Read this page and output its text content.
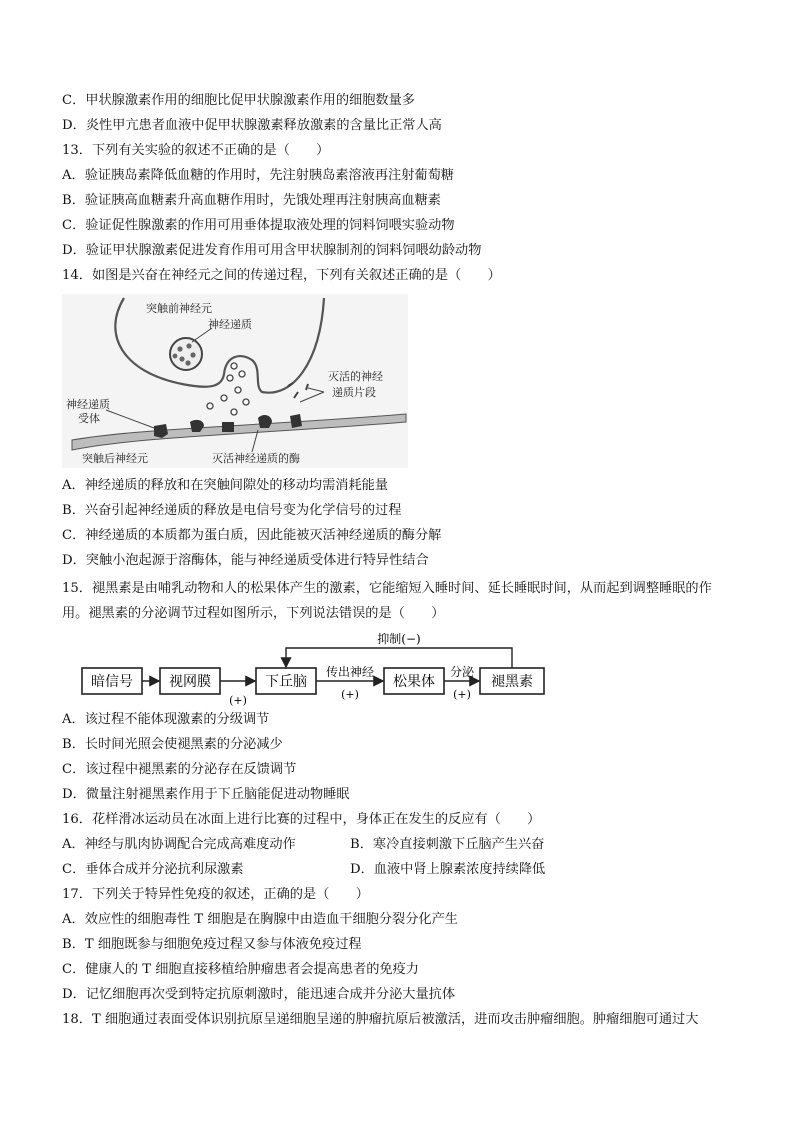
C．甲状腺激素作用的细胞比促甲状腺激素作用的细胞数量多
D．炎性甲亢患者血液中促甲状腺激素释放激素的含量比正常人高
13．下列有关实验的叙述不正确的是（　　）
A．验证胰岛素降低血糖的作用时，先注射胰岛素溶液再注射葡萄糖
B．验证胰高血糖素升高血糖作用时，先饿处理再注射胰高血糖素
C．验证促性腺激素的作用可用垂体提取液处理的饲料饲喂实验动物
D．验证甲状腺激素促进发育作用可用含甲状腺制剂的饲料饲喂幼龄动物
14．如图是兴奋在神经元之间的传递过程，下列有关叙述正确的是（　　）
突触前神经元
神经递质
神经递质
受体
灭活的神经
递质片段
突触后神经元	灭活神经递质的酶
A．神经递质的释放和在突触间隙处的移动均需消耗能量
B．兴奋引起神经递质的释放是电信号变为化学信号的过程
C．神经递质的本质都为蛋白质，因此能被灭活神经递质的酶分解
D．突触小泡起源于溶酶体，能与神经递质受体进行特异性结合
15．褪黑素是由哺乳动物和人的松果体产生的激素，它能缩短入睡时间、延长睡眠时间，从而起到调整睡眠的作用。褪黑素的分泌调节过程如图所示，下列说法错误的是（　　）
暗信号	视网膜	下丘脑	松果体	褪黑素
(+)
传出神经
(+)
分泌
(+)
抑制(−)
A．该过程不能体现激素的分级调节
B．长时间光照会使褪黑素的分泌减少
C．该过程中褪黑素的分泌存在反馈调节
D．微量注射褪黑素作用于下丘脑能促进动物睡眠
16．花样滑冰运动员在冰面上进行比赛的过程中，身体正在发生的反应有（　　）
A．神经与肌肉协调配合完成高难度动作	B．寒冷直接刺激下丘脑产生兴奋
C．垂体合成并分泌抗利尿激素	D．血液中肾上腺素浓度持续降低
17．下列关于特异性免疫的叙述，正确的是（　　）
A．效应性的细胞毒性 T 细胞是在胸腺中由造血干细胞分裂分化产生
B．T 细胞既参与细胞免疫过程又参与体液免疫过程
C．健康人的 T 细胞直接移植给肿瘤患者会提高患者的免疫力
D．记忆细胞再次受到特定抗原刺激时，能迅速合成并分泌大量抗体
18．T 细胞通过表面受体识别抗原呈递细胞呈递的肿瘤抗原后被激活，进而攻击肿瘤细胞。肿瘤细胞可通过大
